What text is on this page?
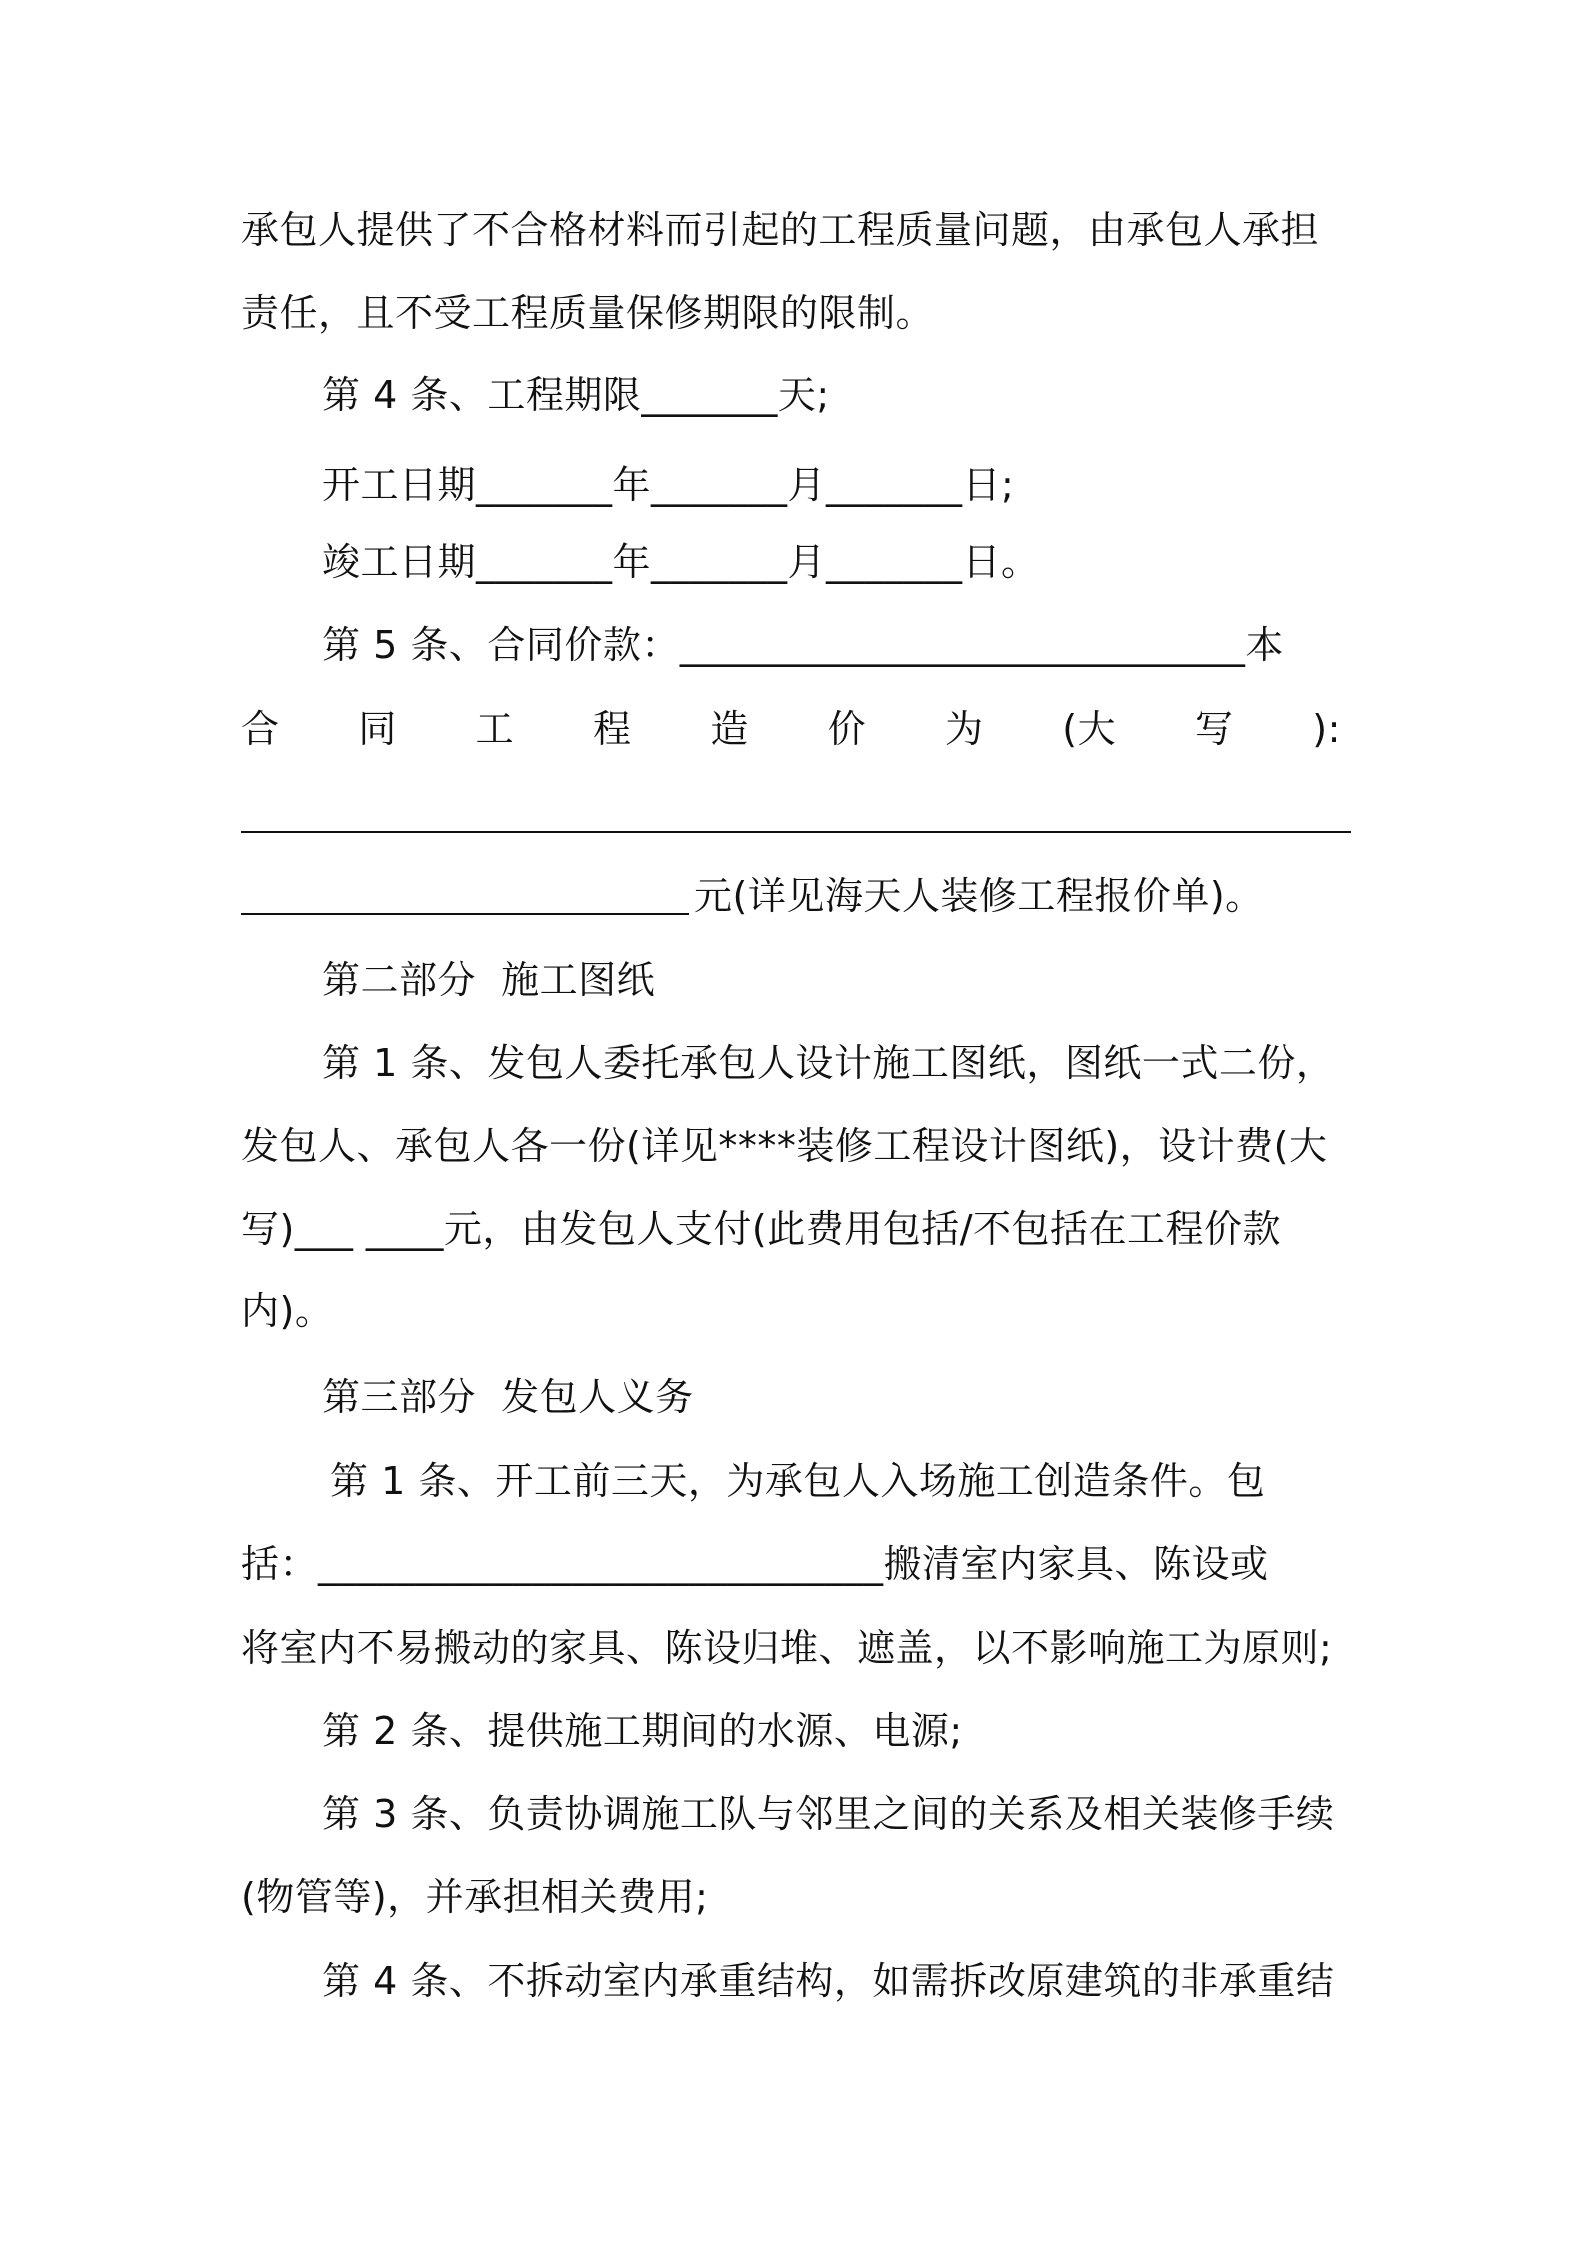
承包人提供了不合格材料而引起的工程质量问题，由承包人承担
责任，且不受工程质量保修期限的限制。
第 4 条、工程期限_______天;
开工日期_______年_______月_______日;
竣工日期_______年_______月_______日。
第 5 条、合同价款：_____________________________本
合 同 工 程 造 价 为 (大 写 ):
元(详见海天人装修工程报价单)。
第二部分  施工图纸
第 1 条、发包人委托承包人设计施工图纸，图纸一式二份，
发包人、承包人各一份(详见****装修工程设计图纸)，设计费(大
写)___ ____元，由发包人支付(此费用包括/不包括在工程价款
内)。
第三部分  发包人义务
第 1 条、开工前三天，为承包人入场施工创造条件。包
括：_____________________________搬清室内家具、陈设或
将室内不易搬动的家具、陈设归堆、遮盖，以不影响施工为原则;
第 2 条、提供施工期间的水源、电源;
第 3 条、负责协调施工队与邻里之间的关系及相关装修手续
(物管等)，并承担相关费用;
第 4 条、不拆动室内承重结构，如需拆改原建筑的非承重结
